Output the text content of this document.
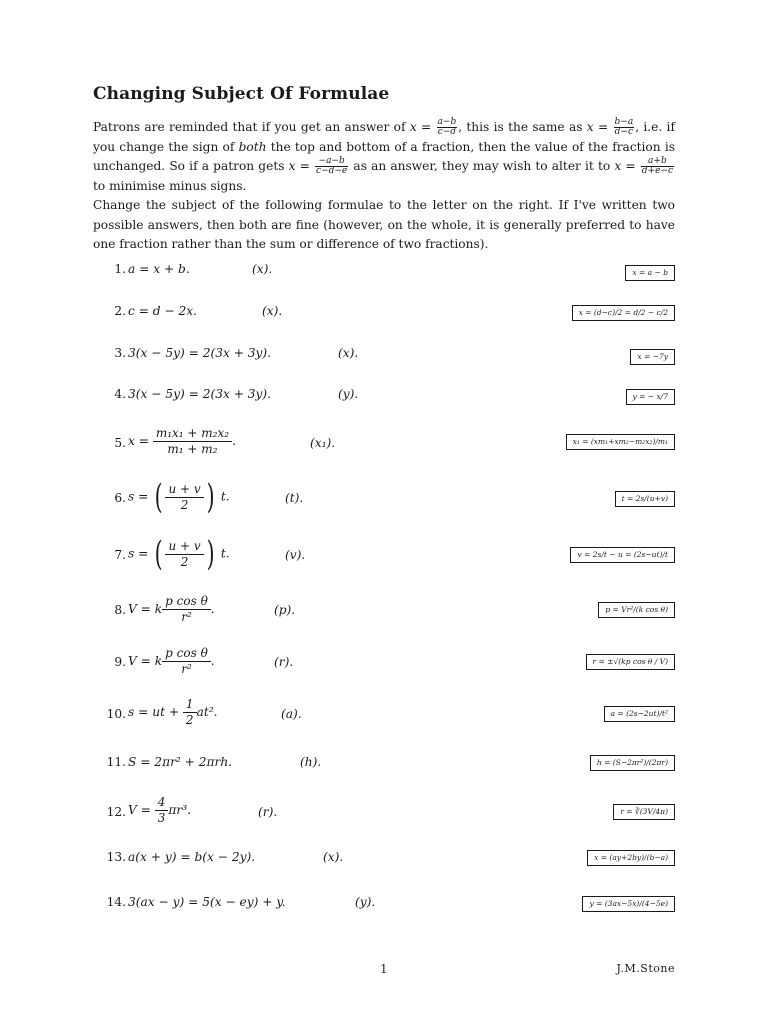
Changing Subject Of Formulae
Patrons are reminded that if you get an answer of $x = \frac{a-b}{c-d}$ , this is the same as $x = \frac{b-a}{d-c}$ , i.e. if you change the sign of both the top and bottom of a fraction, then the value of the fraction is unchanged. So if a patron gets $x = \frac{-a-b}{c-d-e}$ as an answer, they may wish to alter it to $x = \frac{a+b}{d+e-c}$
to minimise minus signs.
Change the subject of the following formulae to the letter on the right. If I've written two possible answers, then both are fine (however, on the whole, it is generally preferred to have one fraction rather than the sum or difference of two fractions).
1. a = x + b.	(x).	x = a − b
2. c = d − 2x.	(x).	x = (d−c)/2 = d/2 − c/2
3. 3(x − 5y) = 2(3x + 3y).	(x).	x = −7y
4. 3(x − 5y) = 2(3x + 3y).	(y).	y = − x/7
5. $x = \frac{\text{m₁x₁ + m₂x₂}}{\text{m₁ + m₂}}$ .	(x₁).	x₁ = (xm₁+xm₂−m₂x₂)/m₁
6. s = ( $\frac{u + v}{2}$ ) t.	(t).	t = 2s/(u+v)
7. s = ( $\frac{u + v}{2}$ ) t.	(v).	v = 2s/t − u = (2s−ut)/t
8. V = k $\frac{\text{p cos θ}}{\text{r²}}$ .	(p).	p = Vr²/(k cos θ)
9. V = k $\frac{\text{p cos θ}}{\text{r²}}$ .	(r).	r = ±√(kp cos θ / V)
10. s = ut + $\frac{1}{2} at^2$.	(a).	a = (2s−2ut)/t²
11. S = 2πr² + 2πrh.	(h).	h = (S−2πr²)/(2πr)
12. $V = \frac{4}{3} \pi r^3$.	(r).	r = ∛(3V/4π)
13. a(x + y) = b(x − 2y).	(x).	x = (ay+2by)/(b−a)
14. 3(ax − y) = 5(x − ey) + y.	(y).	y = (3ax−5x)/(4−5e)
1	J.M.Stone
